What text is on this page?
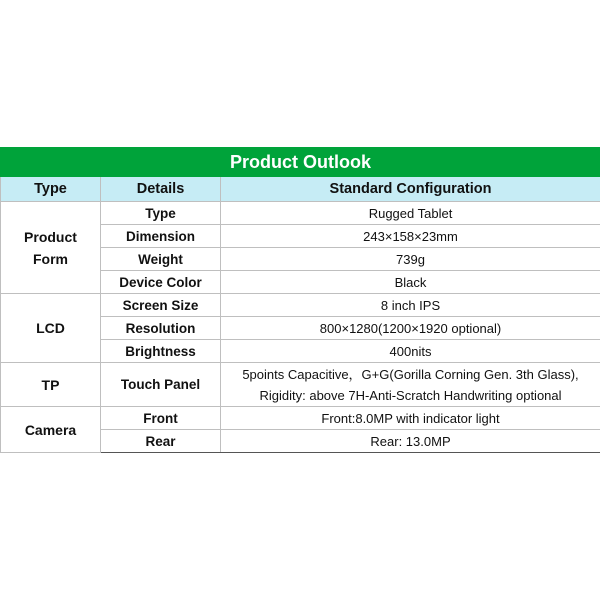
Product Outlook		
Type	Details	Standard Configuration
Product
Form	Type	Rugged Tablet
	Dimension	243×158×23mm
	Weight	739g
	Device Color	Black
LCD	Screen Size	8 inch IPS
	Resolution	800×1280(1200×1920 optional)
	Brightness	400nits
TP	Touch Panel	5points Capacitive，G+G(Gorilla Corning Gen. 3th Glass),
Rigidity: above 7H-Anti-Scratch Handwriting optional
Camera	Front	Front:8.0MP with indicator light
	Rear	Rear: 13.0MP
